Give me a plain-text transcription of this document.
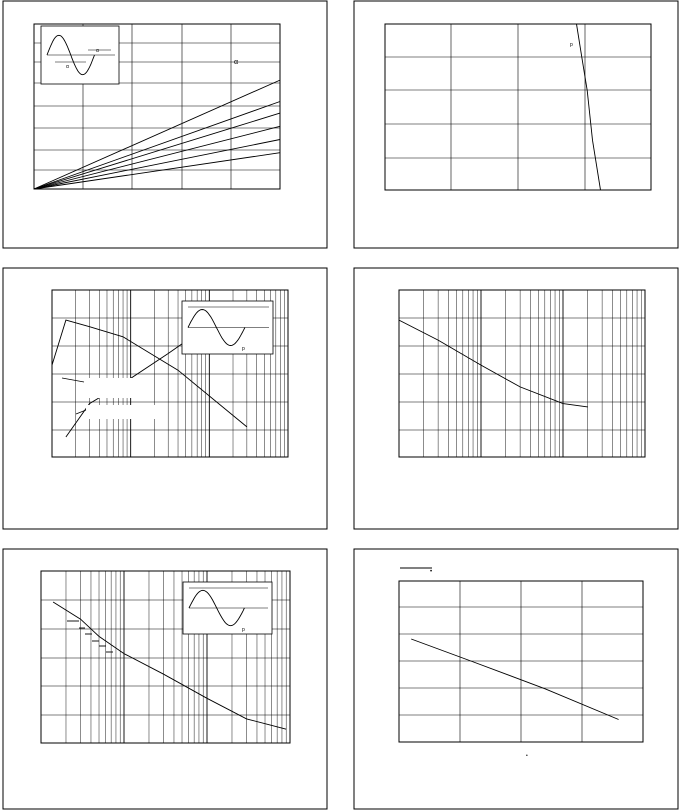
α
α
α
p
p
p
•
•
